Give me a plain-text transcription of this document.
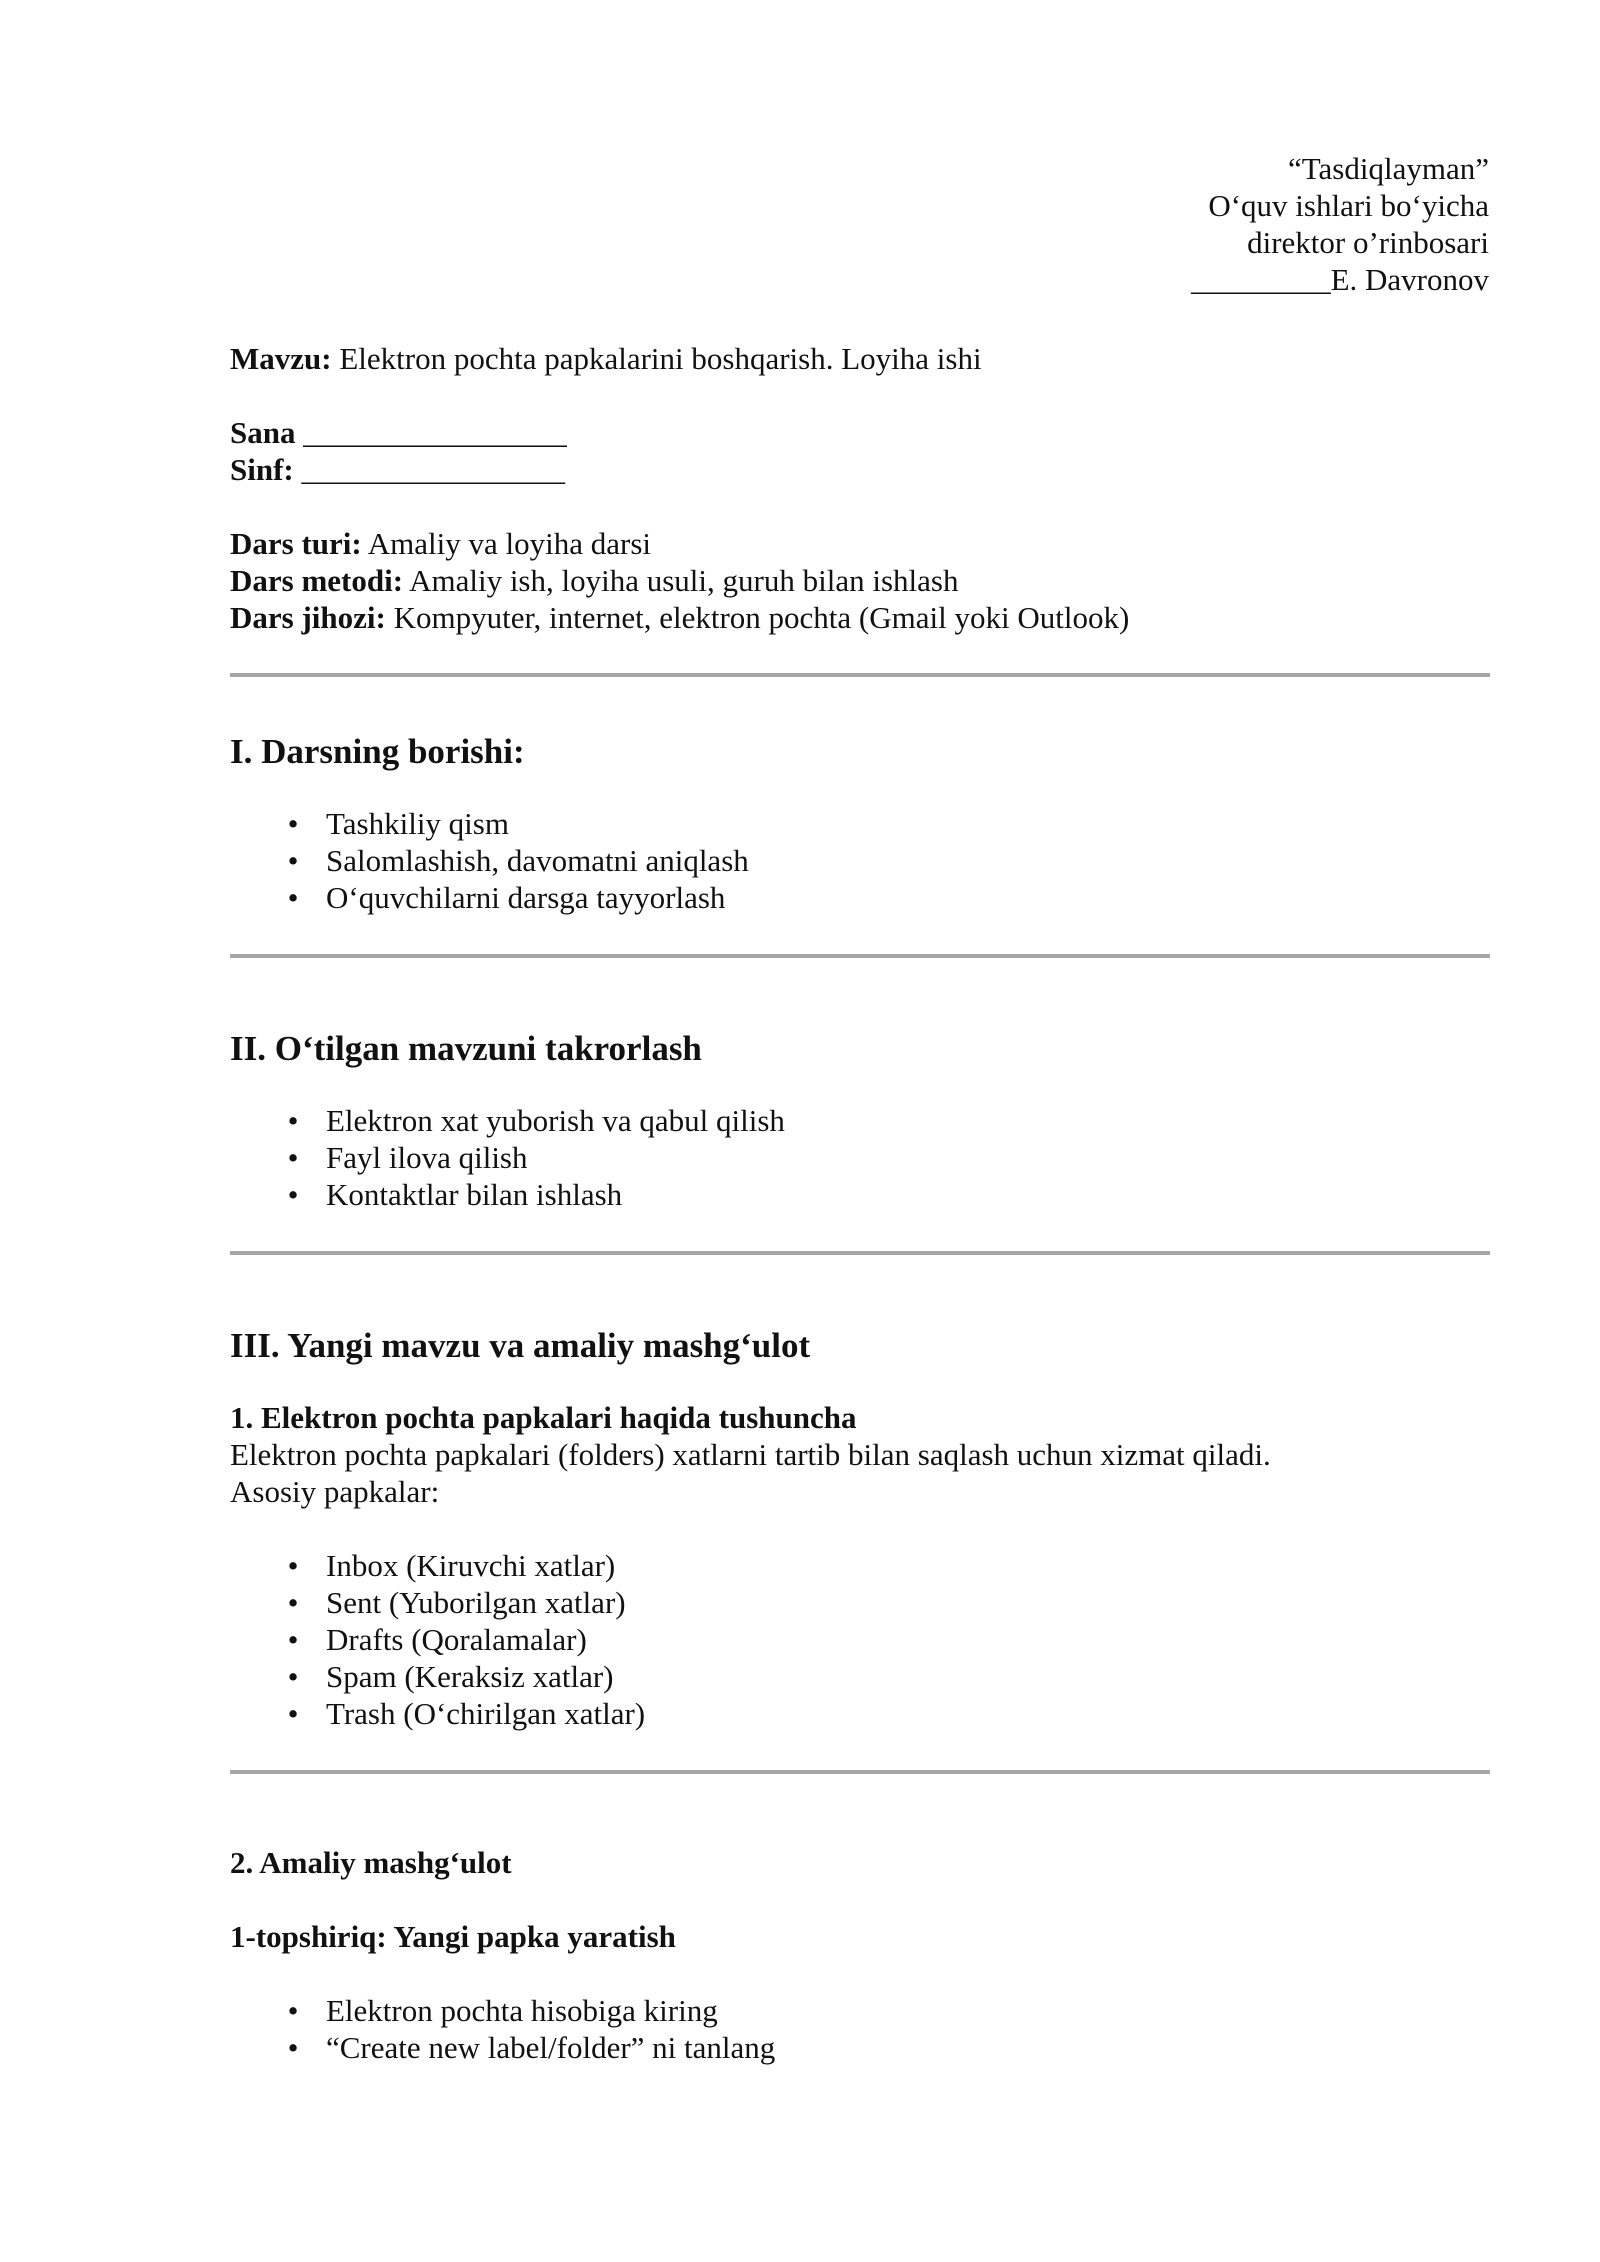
“Tasdiqlayman”
O‘quv ishlari bo‘yicha
direktor o’rinbosari
_________E. Davronov
Mavzu: Elektron pochta papkalarini boshqarish. Loyiha ishi
Sana _________________
Sinf: _________________
Dars turi: Amaliy va loyiha darsi
Dars metodi: Amaliy ish, loyiha usuli, guruh bilan ishlash
Dars jihozi: Kompyuter, internet, elektron pochta (Gmail yoki Outlook)
I. Darsning borishi:
• Tashkiliy qism
• Salomlashish, davomatni aniqlash
• O‘quvchilarni darsga tayyorlash
II. O‘tilgan mavzuni takrorlash
• Elektron xat yuborish va qabul qilish
• Fayl ilova qilish
• Kontaktlar bilan ishlash
III. Yangi mavzu va amaliy mashg‘ulot
1. Elektron pochta papkalari haqida tushuncha
Elektron pochta papkalari (folders) xatlarni tartib bilan saqlash uchun xizmat qiladi.
Asosiy papkalar:
• Inbox (Kiruvchi xatlar)
• Sent (Yuborilgan xatlar)
• Drafts (Qoralamalar)
• Spam (Keraksiz xatlar)
• Trash (O‘chirilgan xatlar)
2. Amaliy mashg‘ulot
1-topshiriq: Yangi papka yaratish
• Elektron pochta hisobiga kiring
• “Create new label/folder” ni tanlang
